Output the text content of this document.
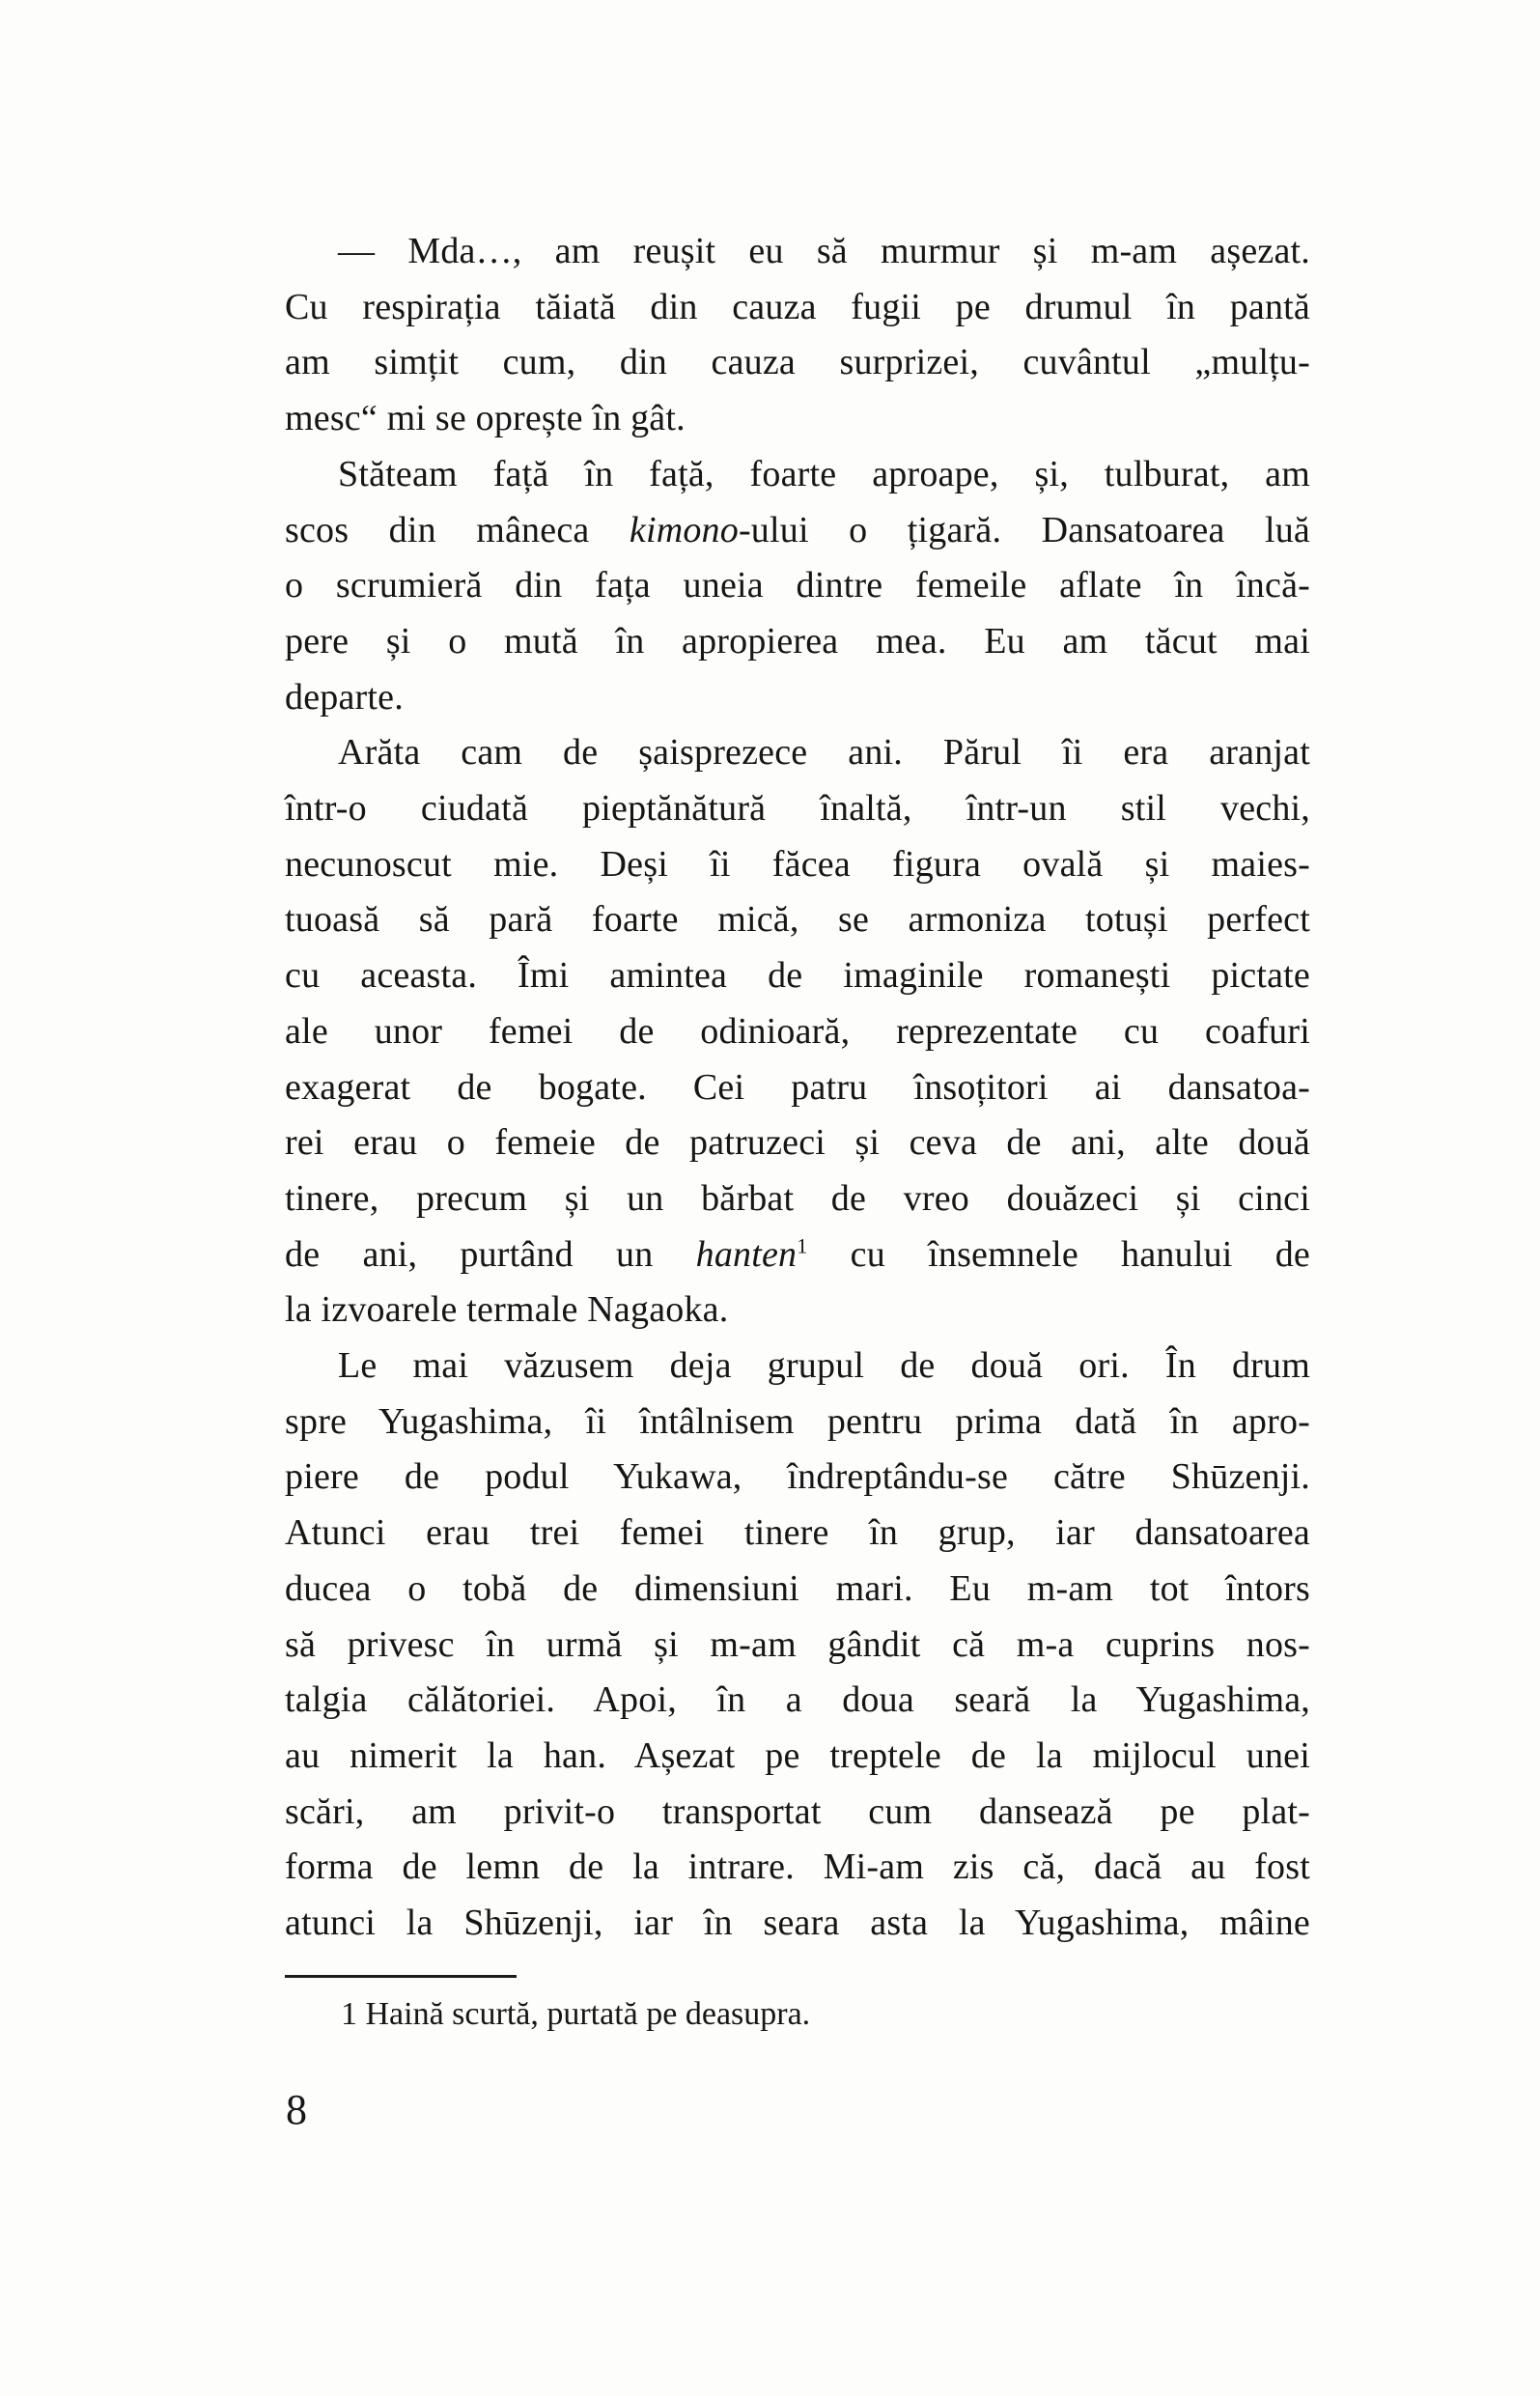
— Mda…, am reușit eu să murmur și m-am așezat.
Cu respirația tăiată din cauza fugii pe drumul în pantă
am simțit cum, din cauza surprizei, cuvântul „mulțu-
mesc“ mi se oprește în gât.
Stăteam față în față, foarte aproape, și, tulburat, am
scos din mâneca kimono-ului o țigară. Dansatoarea luă
o scrumieră din fața uneia dintre femeile aflate în încă-
pere și o mută în apropierea mea. Eu am tăcut mai
departe.
Arăta cam de șaisprezece ani. Părul îi era aranjat
într-o ciudată pieptănătură înaltă, într-un stil vechi,
necunoscut mie. Deși îi făcea figura ovală și maies-
tuoasă să pară foarte mică, se armoniza totuși perfect
cu aceasta. Îmi amintea de imaginile romanești pictate
ale unor femei de odinioară, reprezentate cu coafuri
exagerat de bogate. Cei patru însoțitori ai dansatoa-
rei erau o femeie de patruzeci și ceva de ani, alte două
tinere, precum și un bărbat de vreo douăzeci și cinci
de ani, purtând un hanten$^1$ cu însemnele hanului de
la izvoarele termale Nagaoka.
Le mai văzusem deja grupul de două ori. În drum
spre Yugashima, îi întâlnisem pentru prima dată în apro-
piere de podul Yukawa, îndreptându-se către Shūzenji.
Atunci erau trei femei tinere în grup, iar dansatoarea
ducea o tobă de dimensiuni mari. Eu m-am tot întors
să privesc în urmă și m-am gândit că m-a cuprins nos-
talgia călătoriei. Apoi, în a doua seară la Yugashima,
au nimerit la han. Așezat pe treptele de la mijlocul unei
scări, am privit-o transportat cum dansează pe plat-
forma de lemn de la intrare. Mi-am zis că, dacă au fost
atunci la Shūzenji, iar în seara asta la Yugashima, mâine
1 Haină scurtă, purtată pe deasupra.
8
